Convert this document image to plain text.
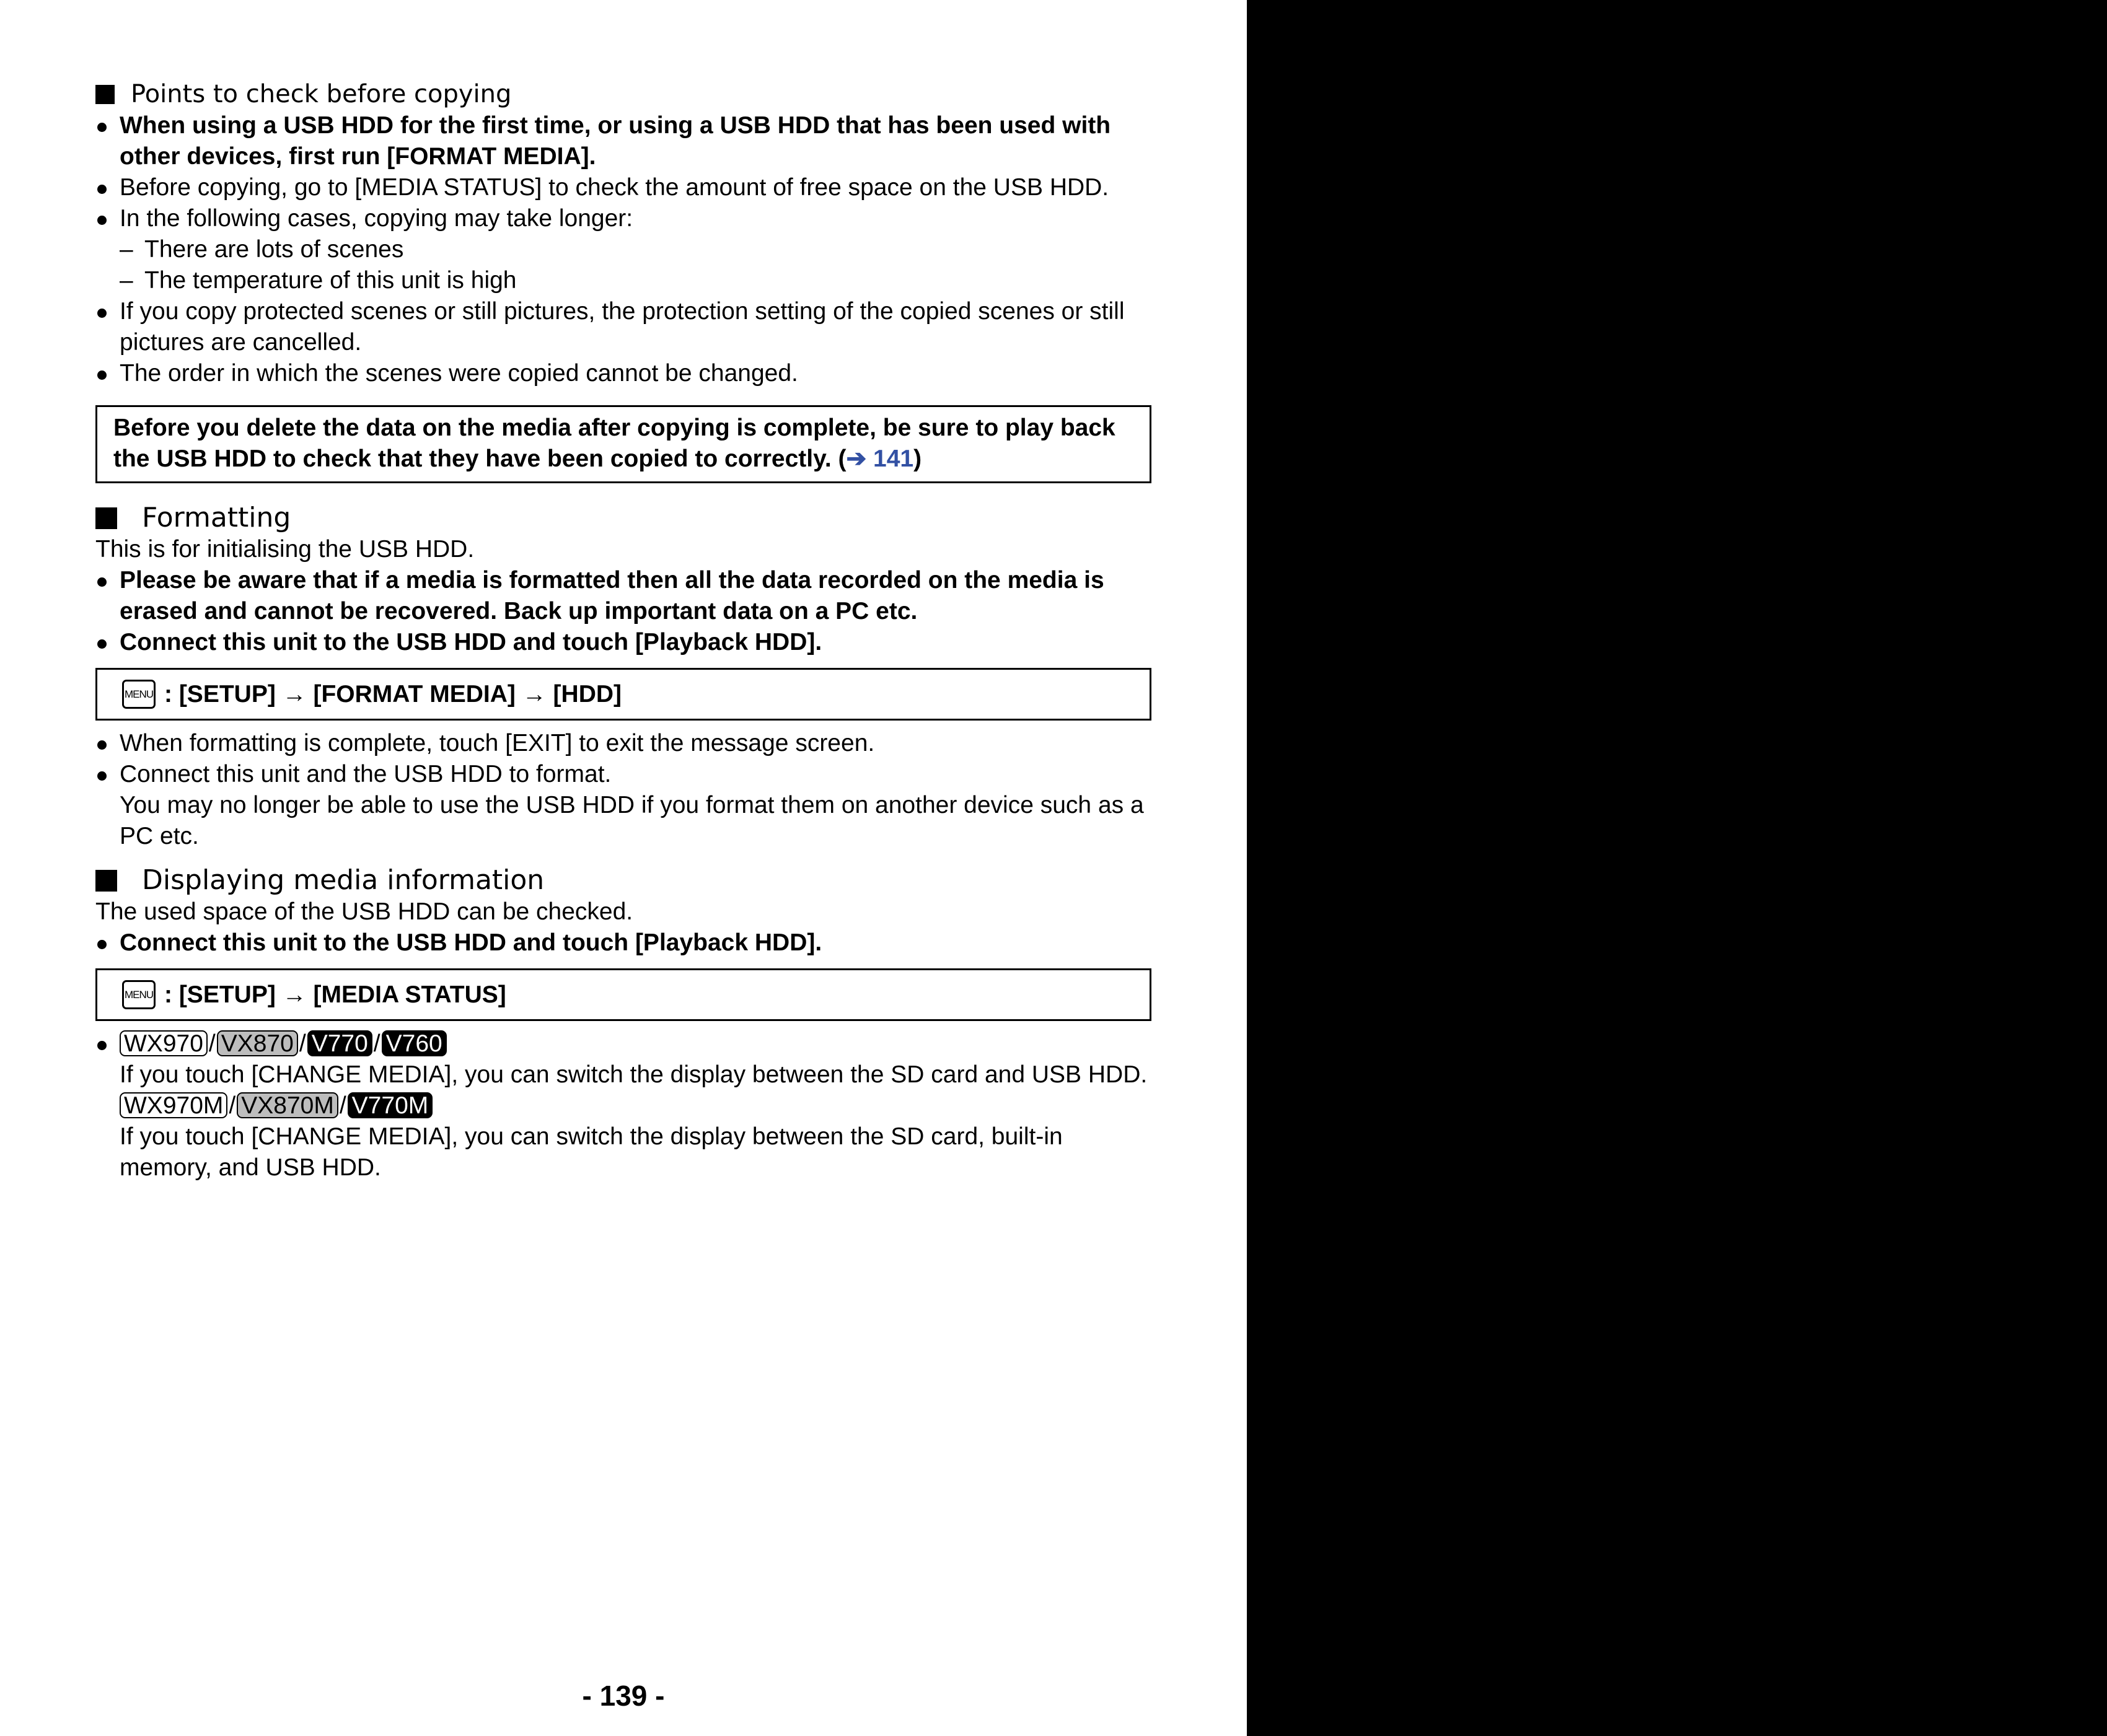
Points to check before copying
When using a USB HDD for the first time, or using a USB HDD that has been used with other devices, first run [FORMAT MEDIA].
Before copying, go to [MEDIA STATUS] to check the amount of free space on the USB HDD.
In the following cases, copying may take longer:
– There are lots of scenes
– The temperature of this unit is high
If you copy protected scenes or still pictures, the protection setting of the copied scenes or still pictures are cancelled.
The order in which the scenes were copied cannot be changed.
Before you delete the data on the media after copying is complete, be sure to play back the USB HDD to check that they have been copied to correctly. (➔ 141)
Formatting
This is for initialising the USB HDD.
Please be aware that if a media is formatted then all the data recorded on the media is erased and cannot be recovered. Back up important data on a PC etc.
Connect this unit to the USB HDD and touch [Playback HDD].
MENU : [SETUP] → [FORMAT MEDIA] → [HDD]
When formatting is complete, touch [EXIT] to exit the message screen.
Connect this unit and the USB HDD to format.
You may no longer be able to use the USB HDD if you format them on another device such as a PC etc.
Displaying media information
The used space of the USB HDD can be checked.
Connect this unit to the USB HDD and touch [Playback HDD].
MENU : [SETUP] → [MEDIA STATUS]
WX970 / VX870 / V770 / V760
If you touch [CHANGE MEDIA], you can switch the display between the SD card and USB HDD.
WX970M / VX870M / V770M
If you touch [CHANGE MEDIA], you can switch the display between the SD card, built-in memory, and USB HDD.
- 139 -
